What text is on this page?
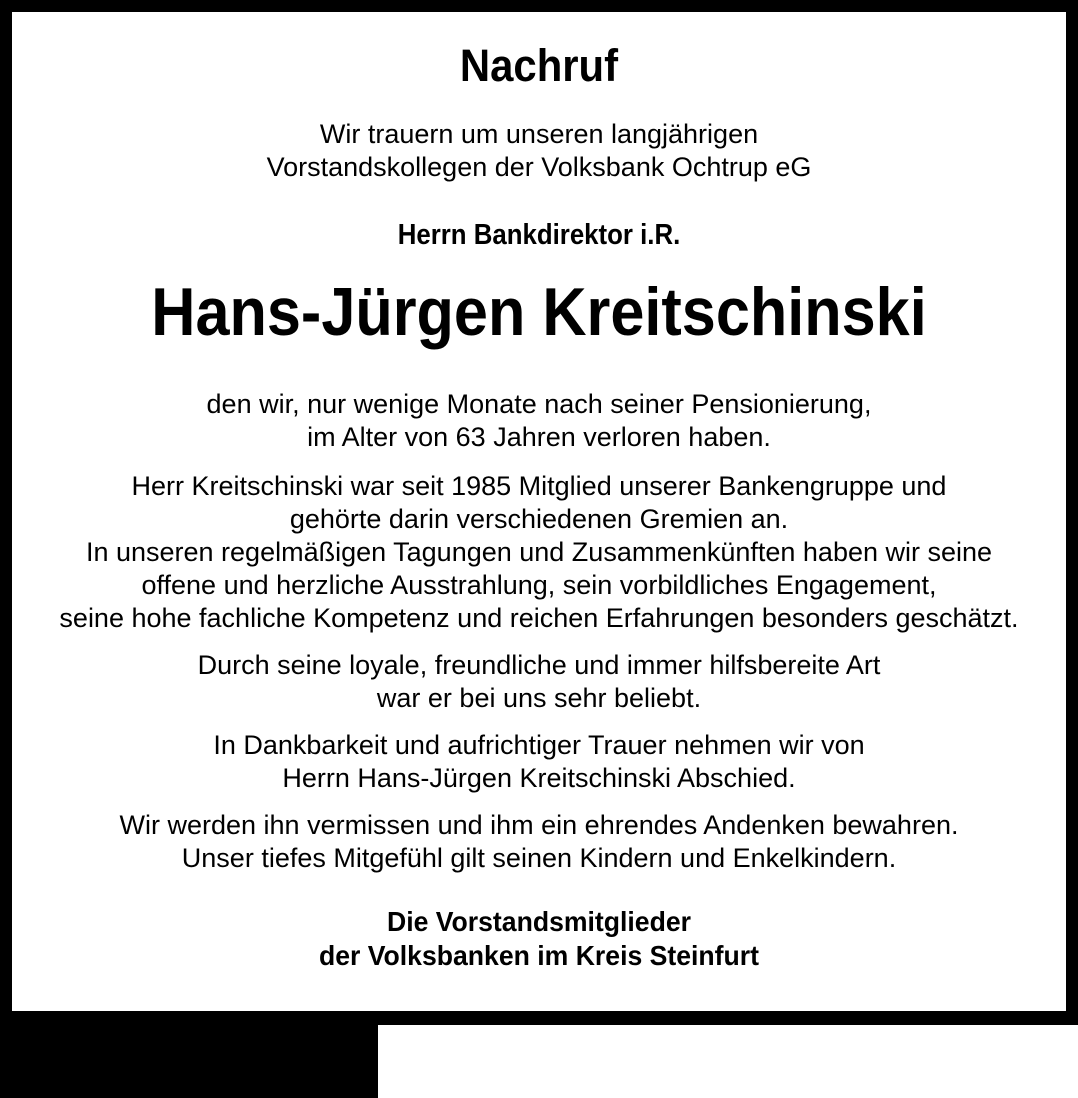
Nachruf
Wir trauern um unseren langjährigen
Vorstandskollegen der Volksbank Ochtrup eG
Herrn Bankdirektor i.R.
Hans-Jürgen Kreitschinski
den wir, nur wenige Monate nach seiner Pensionierung,
im Alter von 63 Jahren verloren haben.
Herr Kreitschinski war seit 1985 Mitglied unserer Bankengruppe und
gehörte darin verschiedenen Gremien an.
In unseren regelmäßigen Tagungen und Zusammenkünften haben wir seine
offene und herzliche Ausstrahlung, sein vorbildliches Engagement,
seine hohe fachliche Kompetenz und reichen Erfahrungen besonders geschätzt.
Durch seine loyale, freundliche und immer hilfsbereite Art
war er bei uns sehr beliebt.
In Dankbarkeit und aufrichtiger Trauer nehmen wir von
Herrn Hans-Jürgen Kreitschinski Abschied.
Wir werden ihn vermissen und ihm ein ehrendes Andenken bewahren.
Unser tiefes Mitgefühl gilt seinen Kindern und Enkelkindern.
Die Vorstandsmitglieder
der Volksbanken im Kreis Steinfurt
